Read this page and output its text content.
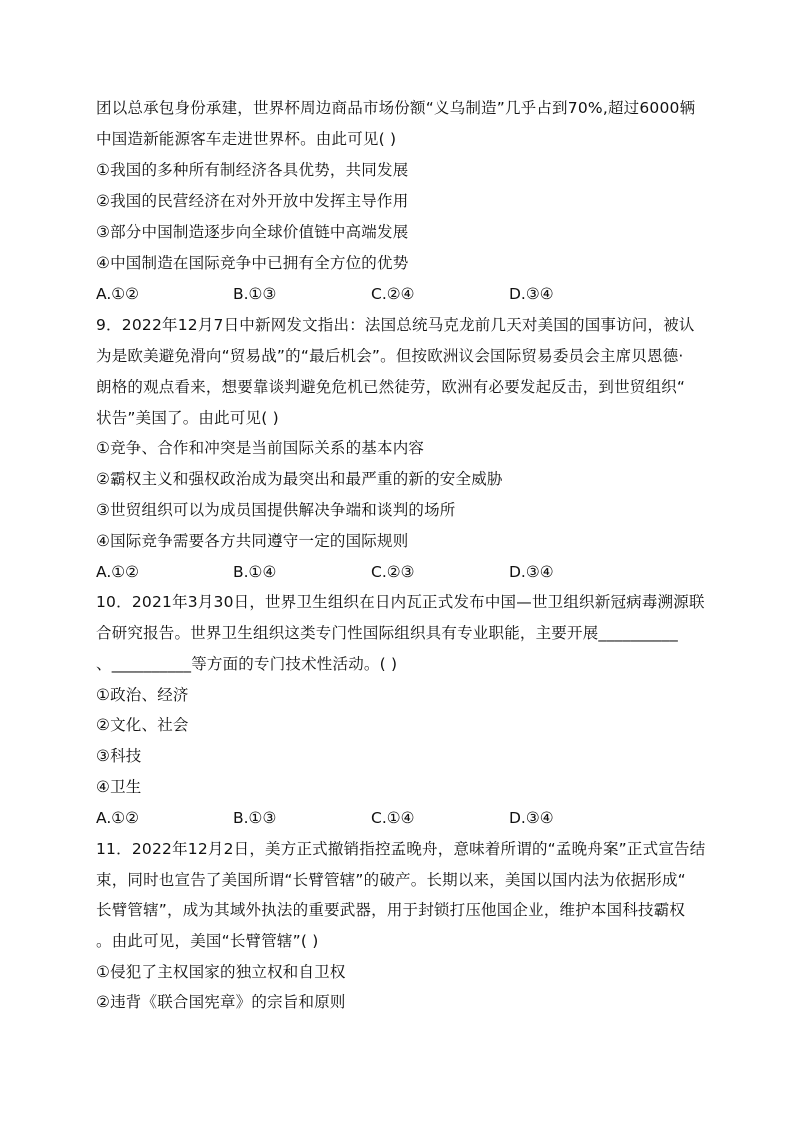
团以总承包身份承建，世界杯周边商品市场份额“义乌制造”几乎占到70%,超过6000辆
中国造新能源客车走进世界杯。由此可见( )
①我国的多种所有制经济各具优势，共同发展
②我国的民营经济在对外开放中发挥主导作用
③部分中国制造逐步向全球价值链中高端发展
④中国制造在国际竞争中已拥有全方位的优势
A.①②	B.①③	C.②④	D.③④
9．2022年12月7日中新网发文指出：法国总统马克龙前几天对美国的国事访问，被认
为是欧美避免滑向“贸易战”的“最后机会”。但按欧洲议会国际贸易委员会主席贝恩德·
朗格的观点看来，想要靠谈判避免危机已然徒劳，欧洲有必要发起反击，到世贸组织“
状告”美国了。由此可见( )
①竞争、合作和冲突是当前国际关系的基本内容
②霸权主义和强权政治成为最突出和最严重的新的安全威胁
③世贸组织可以为成员国提供解决争端和谈判的场所
④国际竞争需要各方共同遵守一定的国际规则
A.①②	B.①④	C.②③	D.③④
10．2021年3月30日，世界卫生组织在日内瓦正式发布中国—世卫组织新冠病毒溯源联
合研究报告。世界卫生组织这类专门性国际组织具有专业职能，主要开展__________
、__________等方面的专门技术性活动。( )
①政治、经济
②文化、社会
③科技
④卫生
A.①②	B.①③	C.①④	D.③④
11．2022年12月2日，美方正式撤销指控孟晚舟，意味着所谓的“孟晚舟案”正式宣告结
束，同时也宣告了美国所谓“长臂管辖”的破产。长期以来，美国以国内法为依据形成“
长臂管辖”，成为其域外执法的重要武器，用于封锁打压他国企业，维护本国科技霸权
。由此可见，美国“长臂管辖”( )
①侵犯了主权国家的独立权和自卫权
②违背《联合国宪章》的宗旨和原则
